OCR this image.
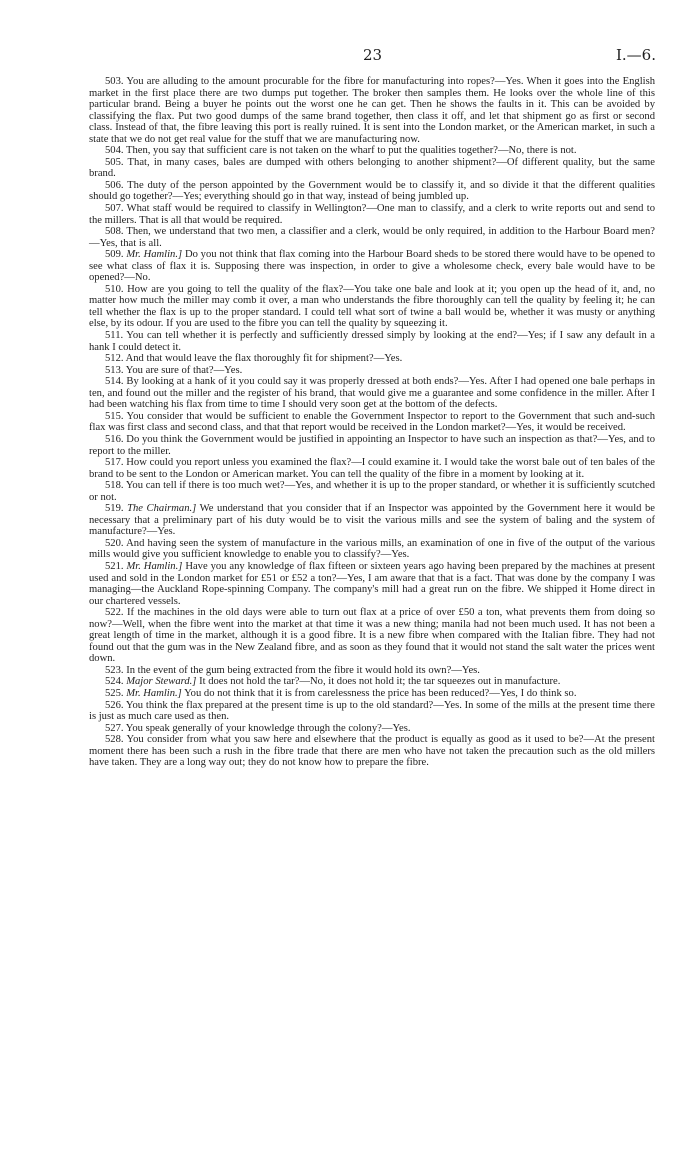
23	I.—6.

503. You are alluding to the amount procurable for the fibre for manufacturing into ropes?—Yes. When it goes into the English market in the first place there are two dumps put together. The broker then samples them. He looks over the whole line of this particular brand. Being a buyer he points out the worst one he can get. Then he shows the faults in it. This can be avoided by classifying the flax. Put two good dumps of the same brand together, then class it off, and let that shipment go as first or second class. Instead of that, the fibre leaving this port is really ruined. It is sent into the London market, or the American market, in such a state that we do not get real value for the stuff that we are manufacturing now.

504. Then, you say that sufficient care is not taken on the wharf to put the qualities together?—No, there is not.

505. That, in many cases, bales are dumped with others belonging to another shipment?—Of different quality, but the same brand.

506. The duty of the person appointed by the Government would be to classify it, and so divide it that the different qualities should go together?—Yes; everything should go in that way, instead of being jumbled up.

507. What staff would be required to classify in Wellington?—One man to classify, and a clerk to write reports out and send to the millers. That is all that would be required.

508. Then, we understand that two men, a classifier and a clerk, would be only required, in addition to the Harbour Board men?—Yes, that is all.

509. Mr. Hamlin.] Do you not think that flax coming into the Harbour Board sheds to be stored there would have to be opened to see what class of flax it is. Supposing there was inspection, in order to give a wholesome check, every bale would have to be opened?—No.

510. How are you going to tell the quality of the flax?—You take one bale and look at it; you open up the head of it, and, no matter how much the miller may comb it over, a man who understands the fibre thoroughly can tell the quality by feeling it; he can tell whether the flax is up to the proper standard. I could tell what sort of twine a ball would be, whether it was musty or anything else, by its odour. If you are used to the fibre you can tell the quality by squeezing it.

511. You can tell whether it is perfectly and sufficiently dressed simply by looking at the end?—Yes; if I saw any default in a hank I could detect it.

512. And that would leave the flax thoroughly fit for shipment?—Yes.

513. You are sure of that?—Yes.

514. By looking at a hank of it you could say it was properly dressed at both ends?—Yes. After I had opened one bale perhaps in ten, and found out the miller and the register of his brand, that would give me a guarantee and some confidence in the miller. After I had been watching his flax from time to time I should very soon get at the bottom of the defects.

515. You consider that would be sufficient to enable the Government Inspector to report to the Government that such and-such flax was first class and second class, and that that report would be received in the London market?—Yes, it would be received.

516. Do you think the Government would be justified in appointing an Inspector to have such an inspection as that?—Yes, and to report to the miller.

517. How could you report unless you examined the flax?—I could examine it. I would take the worst bale out of ten bales of the brand to be sent to the London or American market. You can tell the quality of the fibre in a moment by looking at it.

518. You can tell if there is too much wet?—Yes, and whether it is up to the proper standard, or whether it is sufficiently scutched or not.

519. The Chairman.] We understand that you consider that if an Inspector was appointed by the Government here it would be necessary that a preliminary part of his duty would be to visit the various mills and see the system of baling and the system of manufacture?—Yes.

520. And having seen the system of manufacture in the various mills, an examination of one in five of the output of the various mills would give you sufficient knowledge to enable you to classify?—Yes.

521. Mr. Hamlin.] Have you any knowledge of flax fifteen or sixteen years ago having been prepared by the machines at present used and sold in the London market for £51 or £52 a ton?—Yes, I am aware that that is a fact. That was done by the company I was managing—the Auckland Rope-spinning Company. The company's mill had a great run on the fibre. We shipped it Home direct in our chartered vessels.

522. If the machines in the old days were able to turn out flax at a price of over £50 a ton, what prevents them from doing so now?—Well, when the fibre went into the market at that time it was a new thing; manila had not been much used. It has not been a great length of time in the market, although it is a good fibre. It is a new fibre when compared with the Italian fibre. They had not found out that the gum was in the New Zealand fibre, and as soon as they found that it would not stand the salt water the prices went down.

523. In the event of the gum being extracted from the fibre it would hold its own?—Yes.

524. Major Steward.] It does not hold the tar?—No, it does not hold it; the tar squeezes out in manufacture.

525. Mr. Hamlin.] You do not think that it is from carelessness the price has been reduced?—Yes, I do think so.

526. You think the flax prepared at the present time is up to the old standard?—Yes. In some of the mills at the present time there is just as much care used as then.

527. You speak generally of your knowledge through the colony?—Yes.

528. You consider from what you saw here and elsewhere that the product is equally as good as it used to be?—At the present moment there has been such a rush in the fibre trade that there are men who have not taken the precaution such as the old millers have taken. They are a long way out; they do not know how to prepare the fibre.
